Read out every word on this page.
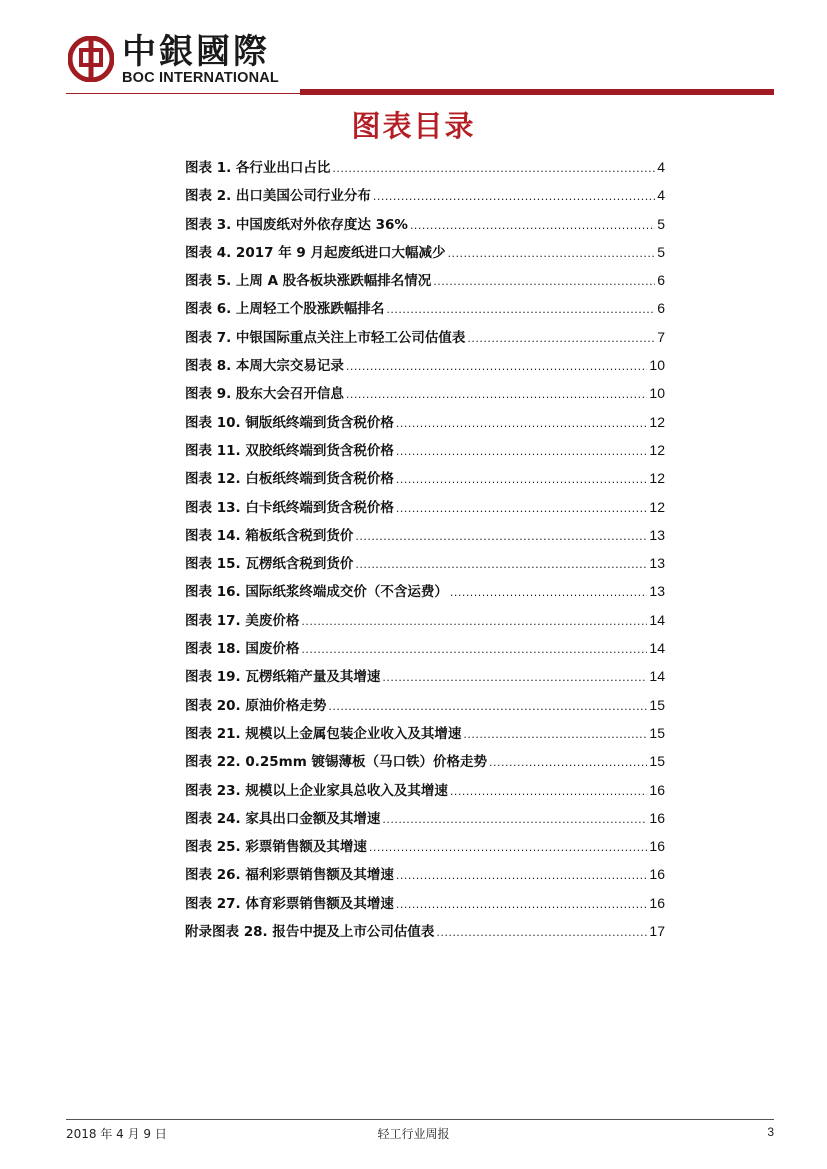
中銀國際
BOC INTERNATIONAL
图表目录
图表 1. 各行业出口占比 .....	4
图表 2. 出口美国公司行业分布 .....	4
图表 3. 中国废纸对外依存度达 36% .....	5
图表 4. 2017 年 9 月起废纸进口大幅减少 .....	5
图表 5. 上周 A 股各板块涨跌幅排名情况 .....	6
图表 6. 上周轻工个股涨跌幅排名 .....	6
图表 7. 中银国际重点关注上市轻工公司估值表 .....	7
图表 8. 本周大宗交易记录 .....	10
图表 9. 股东大会召开信息 .....	10
图表 10. 铜版纸终端到货含税价格 .....	12
图表 11. 双胶纸终端到货含税价格 .....	12
图表 12. 白板纸终端到货含税价格 .....	12
图表 13. 白卡纸终端到货含税价格 .....	12
图表 14. 箱板纸含税到货价 .....	13
图表 15. 瓦楞纸含税到货价 .....	13
图表 16. 国际纸浆终端成交价（不含运费） .....	13
图表 17. 美废价格 .....	14
图表 18. 国废价格 .....	14
图表 19. 瓦楞纸箱产量及其增速 .....	14
图表 20. 原油价格走势 .....	15
图表 21. 规模以上金属包装企业收入及其增速 .....	15
图表 22. 0.25mm 镀锡薄板（马口铁）价格走势 .....	15
图表 23. 规模以上企业家具总收入及其增速 .....	16
图表 24. 家具出口金额及其增速 .....	16
图表 25. 彩票销售额及其增速 .....	16
图表 26. 福利彩票销售额及其增速 .....	16
图表 27. 体育彩票销售额及其增速 .....	16
附录图表 28. 报告中提及上市公司估值表 .....	17
2018 年 4 月 9 日	轻工行业周报	3
